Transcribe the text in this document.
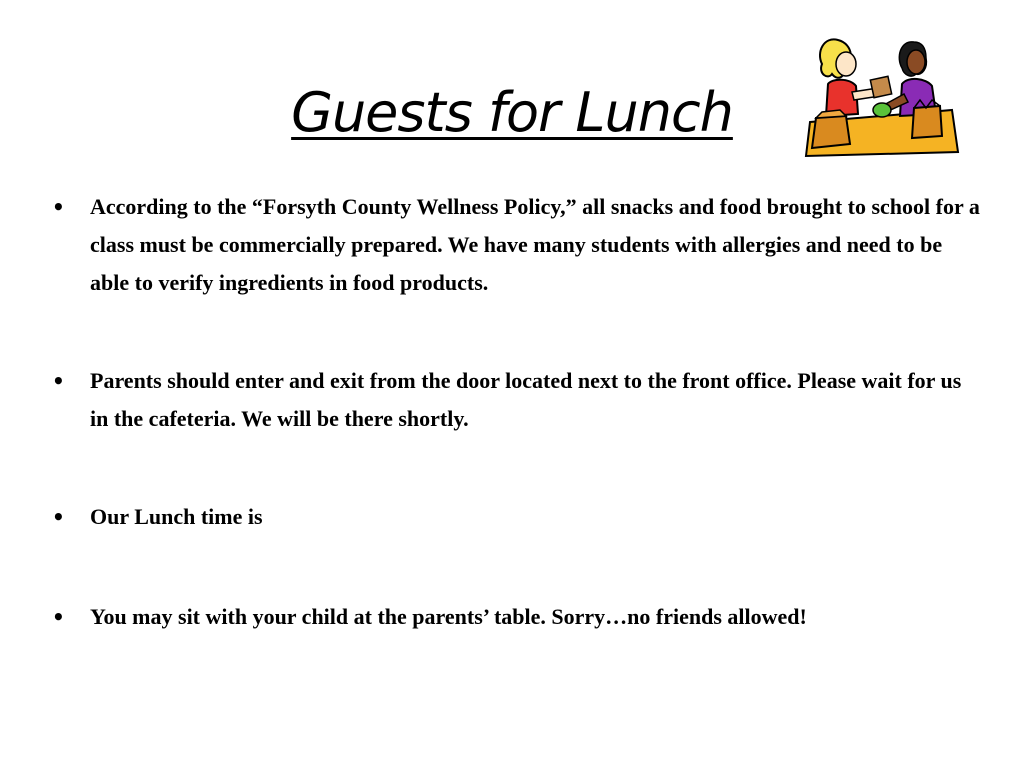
Guests for Lunch
• According to the “Forsyth County Wellness Policy,” all snacks and food brought to school for a class must be commercially prepared. We have many students with allergies and need to be able to verify ingredients in food products.
• Parents should enter and exit from the door located next to the front office. Please wait for us in the cafeteria. We will be there shortly.
• Our Lunch time is
• You may sit with your child at the parents’ table. Sorry…no friends allowed!
